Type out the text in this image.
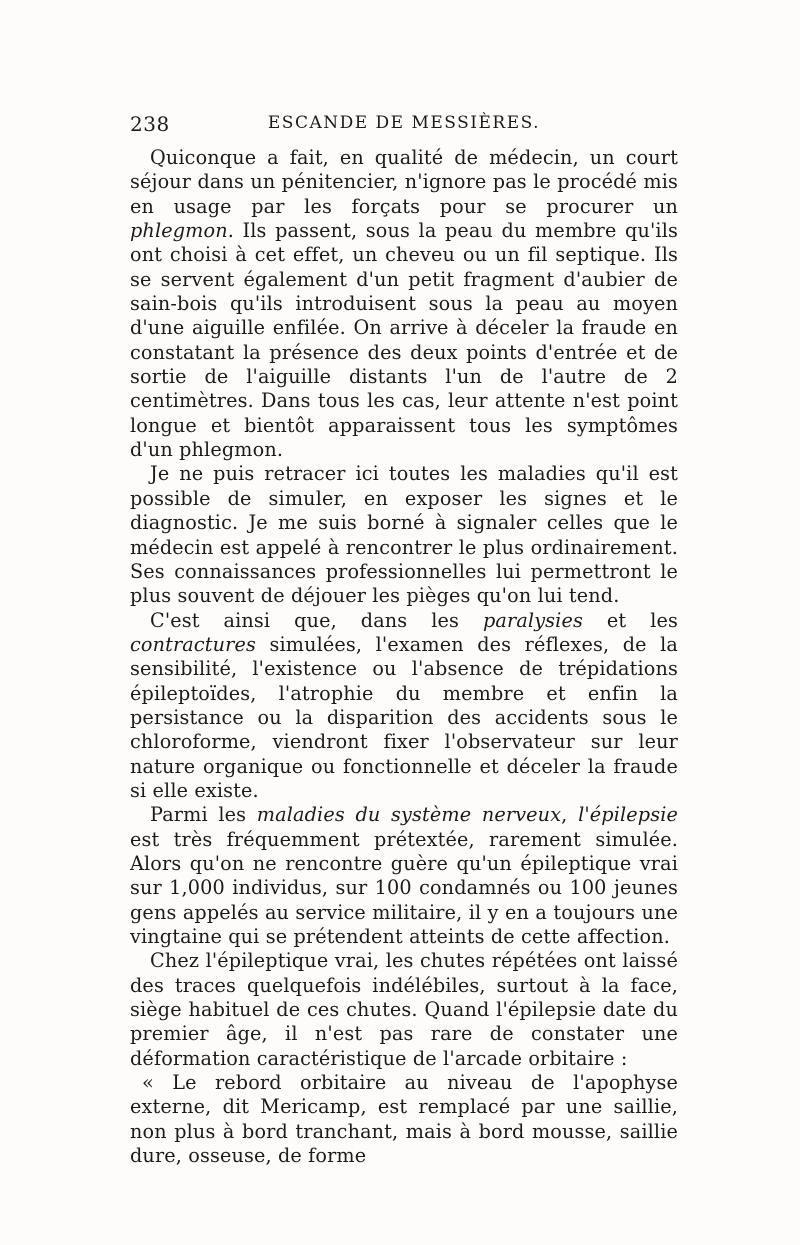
238	ESCANDE DE MESSIÈRES.

Quiconque a fait, en qualité de médecin, un court séjour dans un pénitencier, n'ignore pas le procédé mis en usage par les forçats pour se procurer un phlegmon. Ils passent, sous la peau du membre qu'ils ont choisi à cet effet, un cheveu ou un fil septique. Ils se servent également d'un petit fragment d'aubier de sain-bois qu'ils introduisent sous la peau au moyen d'une aiguille enfilée. On arrive à déceler la fraude en constatant la présence des deux points d'entrée et de sortie de l'aiguille distants l'un de l'autre de 2 centimètres. Dans tous les cas, leur attente n'est point longue et bientôt apparaissent tous les symptômes d'un phlegmon.

Je ne puis retracer ici toutes les maladies qu'il est possible de simuler, en exposer les signes et le diagnostic. Je me suis borné à signaler celles que le médecin est appelé à rencontrer le plus ordinairement. Ses connaissances professionnelles lui permettront le plus souvent de déjouer les pièges qu'on lui tend.

C'est ainsi que, dans les paralysies et les contractures simulées, l'examen des réflexes, de la sensibilité, l'existence ou l'absence de trépidations épileptoïdes, l'atrophie du membre et enfin la persistance ou la disparition des accidents sous le chloroforme, viendront fixer l'observateur sur leur nature organique ou fonctionnelle et déceler la fraude si elle existe.

Parmi les maladies du système nerveux, l'épilepsie est très fréquemment prétextée, rarement simulée. Alors qu'on ne rencontre guère qu'un épileptique vrai sur 1,000 individus, sur 100 condamnés ou 100 jeunes gens appelés au service militaire, il y en a toujours une vingtaine qui se prétendent atteints de cette affection.

Chez l'épileptique vrai, les chutes répétées ont laissé des traces quelquefois indélébiles, surtout à la face, siège habituel de ces chutes. Quand l'épilepsie date du premier âge, il n'est pas rare de constater une déformation caractéristique de l'arcade orbitaire :

« Le rebord orbitaire au niveau de l'apophyse externe, dit Mericamp, est remplacé par une saillie, non plus à bord tranchant, mais à bord mousse, saillie dure, osseuse, de forme
